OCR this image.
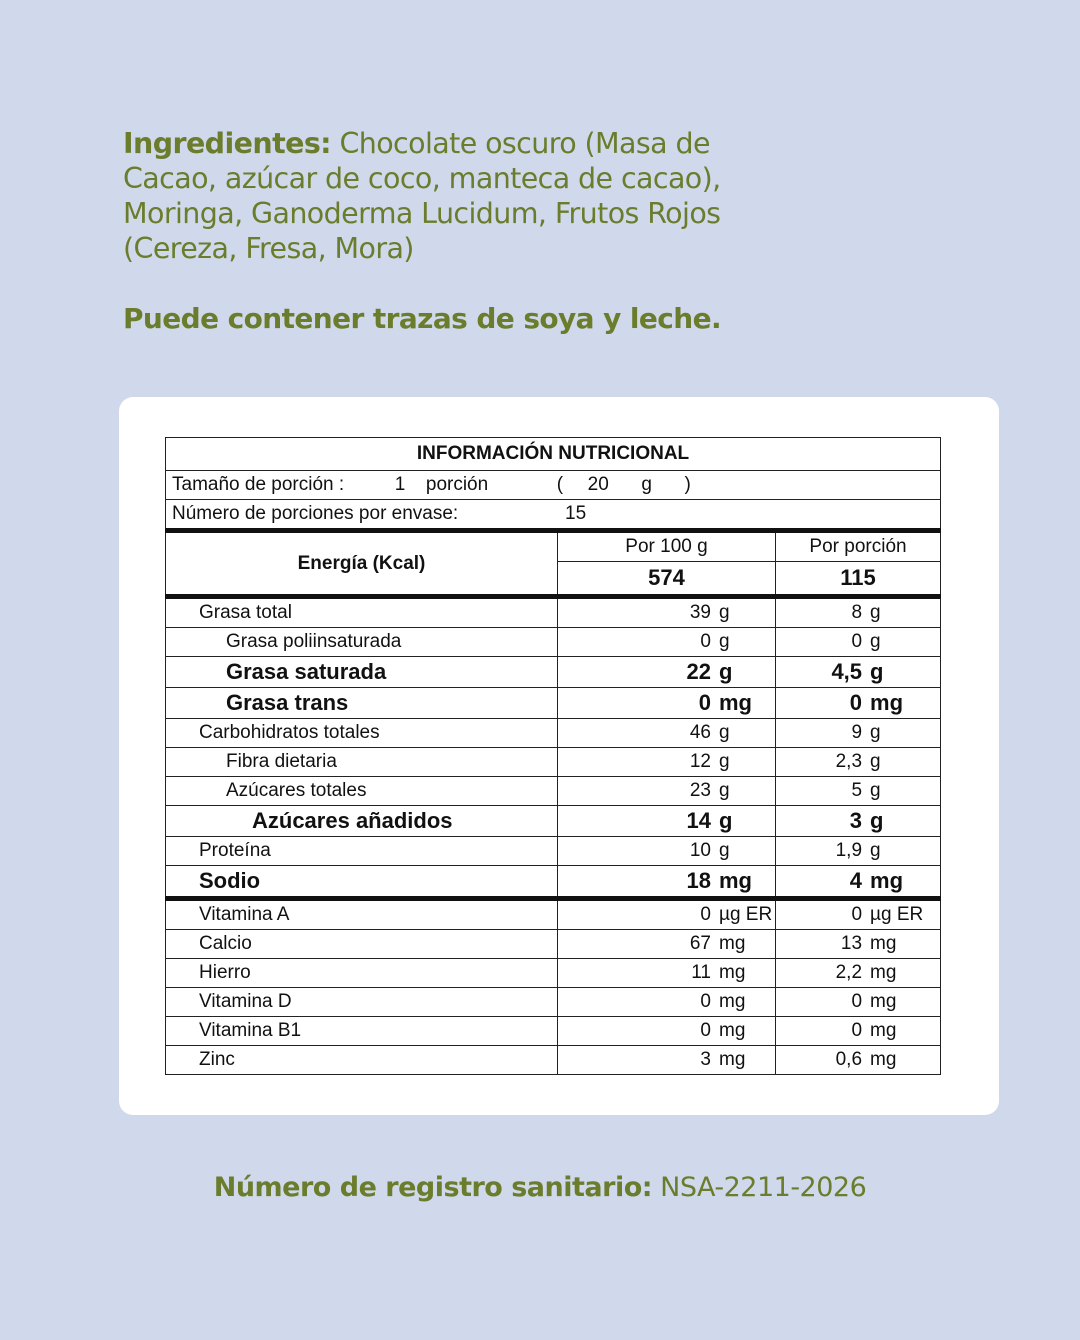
Ingredientes: Chocolate oscuro (Masa de Cacao, azúcar de coco, manteca de cacao), Moringa, Ganoderma Lucidum, Frutos Rojos (Cereza, Fresa, Mora)
Puede contener trazas de soya y leche.
INFORMACIÓN NUTRICIONAL		
Tamaño de porción : 1 porción ( 20 g )		
Número de porciones por envase: 15		
Energía (Kcal)	Por 100 g	Por porción
	574	115
Grasa total	39 g	8 g
Grasa poliinsaturada	0 g	0 g
Grasa saturada	22 g	4,5 g
Grasa trans	0 mg	0 mg
Carbohidratos totales	46 g	9 g
Fibra dietaria	12 g	2,3 g
Azúcares totales	23 g	5 g
Azúcares añadidos	14 g	3 g
Proteína	10 g	1,9 g
Sodio	18 mg	4 mg
Vitamina A	0 µg ER	0 µg ER
Calcio	67 mg	13 mg
Hierro	11 mg	2,2 mg
Vitamina D	0 mg	0 mg
Vitamina B1	0 mg	0 mg
Zinc	3 mg	0,6 mg
Número de registro sanitario: NSA-2211-2026
